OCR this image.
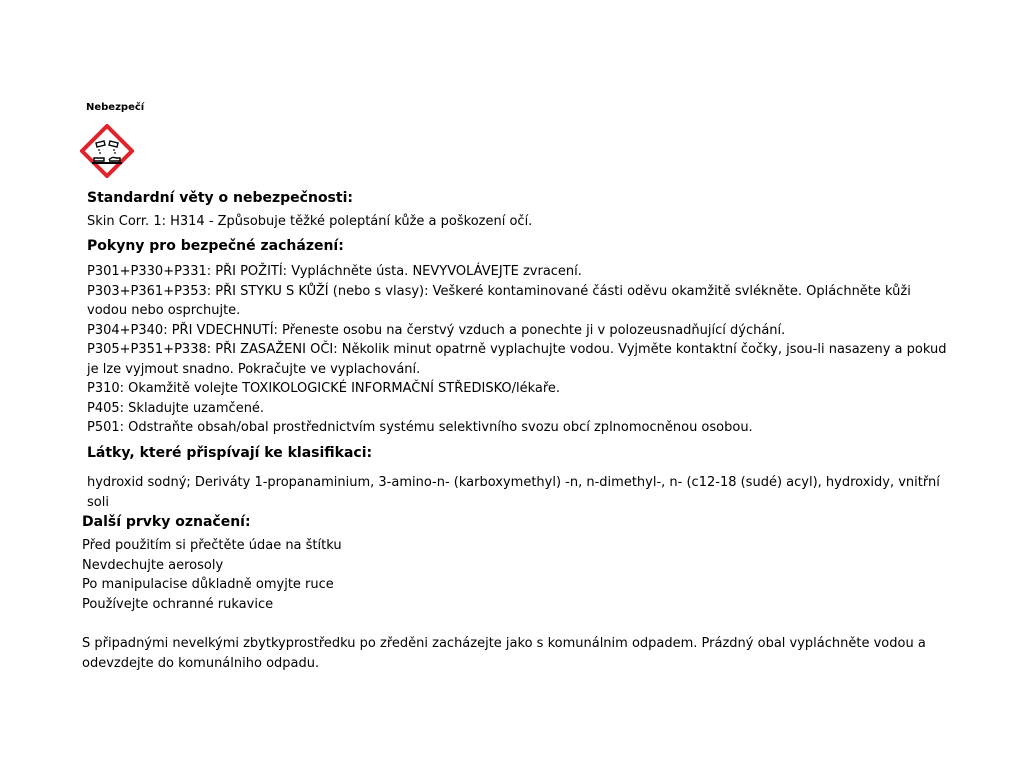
Nebezpečí
Standardní věty o nebezpečnosti:
Skin Corr. 1: H314 - Způsobuje těžké poleptání kůže a poškození očí.
Pokyny pro bezpečné zacházení:
P301+P330+P331: PŘI POŽITÍ: Vypláchněte ústa. NEVYVOLÁVEJTE zvracení.
P303+P361+P353: PŘI STYKU S KŮŽÍ (nebo s vlasy): Veškeré kontaminované části oděvu okamžitě svlékněte. Opláchněte kůži vodou nebo osprchujte.
P304+P340: PŘI VDECHNUTÍ: Přeneste osobu na čerstvý vzduch a ponechte ji v polozeusnadňující dýchání.
P305+P351+P338: PŘI ZASAŽENI OČI: Několik minut opatrně vyplachujte vodou. Vyjměte kontaktní čočky, jsou-li nasazeny a pokud je lze vyjmout snadno. Pokračujte ve vyplachování.
P310: Okamžitě volejte TOXIKOLOGICKÉ INFORMAČNÍ STŘEDISKO/lékaře.
P405: Skladujte uzamčené.
P501: Odstraňte obsah/obal prostřednictvím systému selektivního svozu obcí zplnomocněnou osobou.
Látky, které přispívají ke klasifikaci:
hydroxid sodný; Deriváty 1-propanaminium, 3-amino-n- (karboxymethyl) -n, n-dimethyl-, n- (c12-18 (sudé) acyl), hydroxidy, vnitřní soli
Další prvky označení:
Před použitím si přečtěte údae na štítku
Nevdechujte aerosoly
Po manipulacise důkladně omyjte ruce
Používejte ochranné rukavice
S připadnými nevelkými zbytkyprostředku po zředěni zacházejte jako s komunálnim odpadem. Prázdný obal vypláchněte vodou a odevzdejte do komunálniho odpadu.
